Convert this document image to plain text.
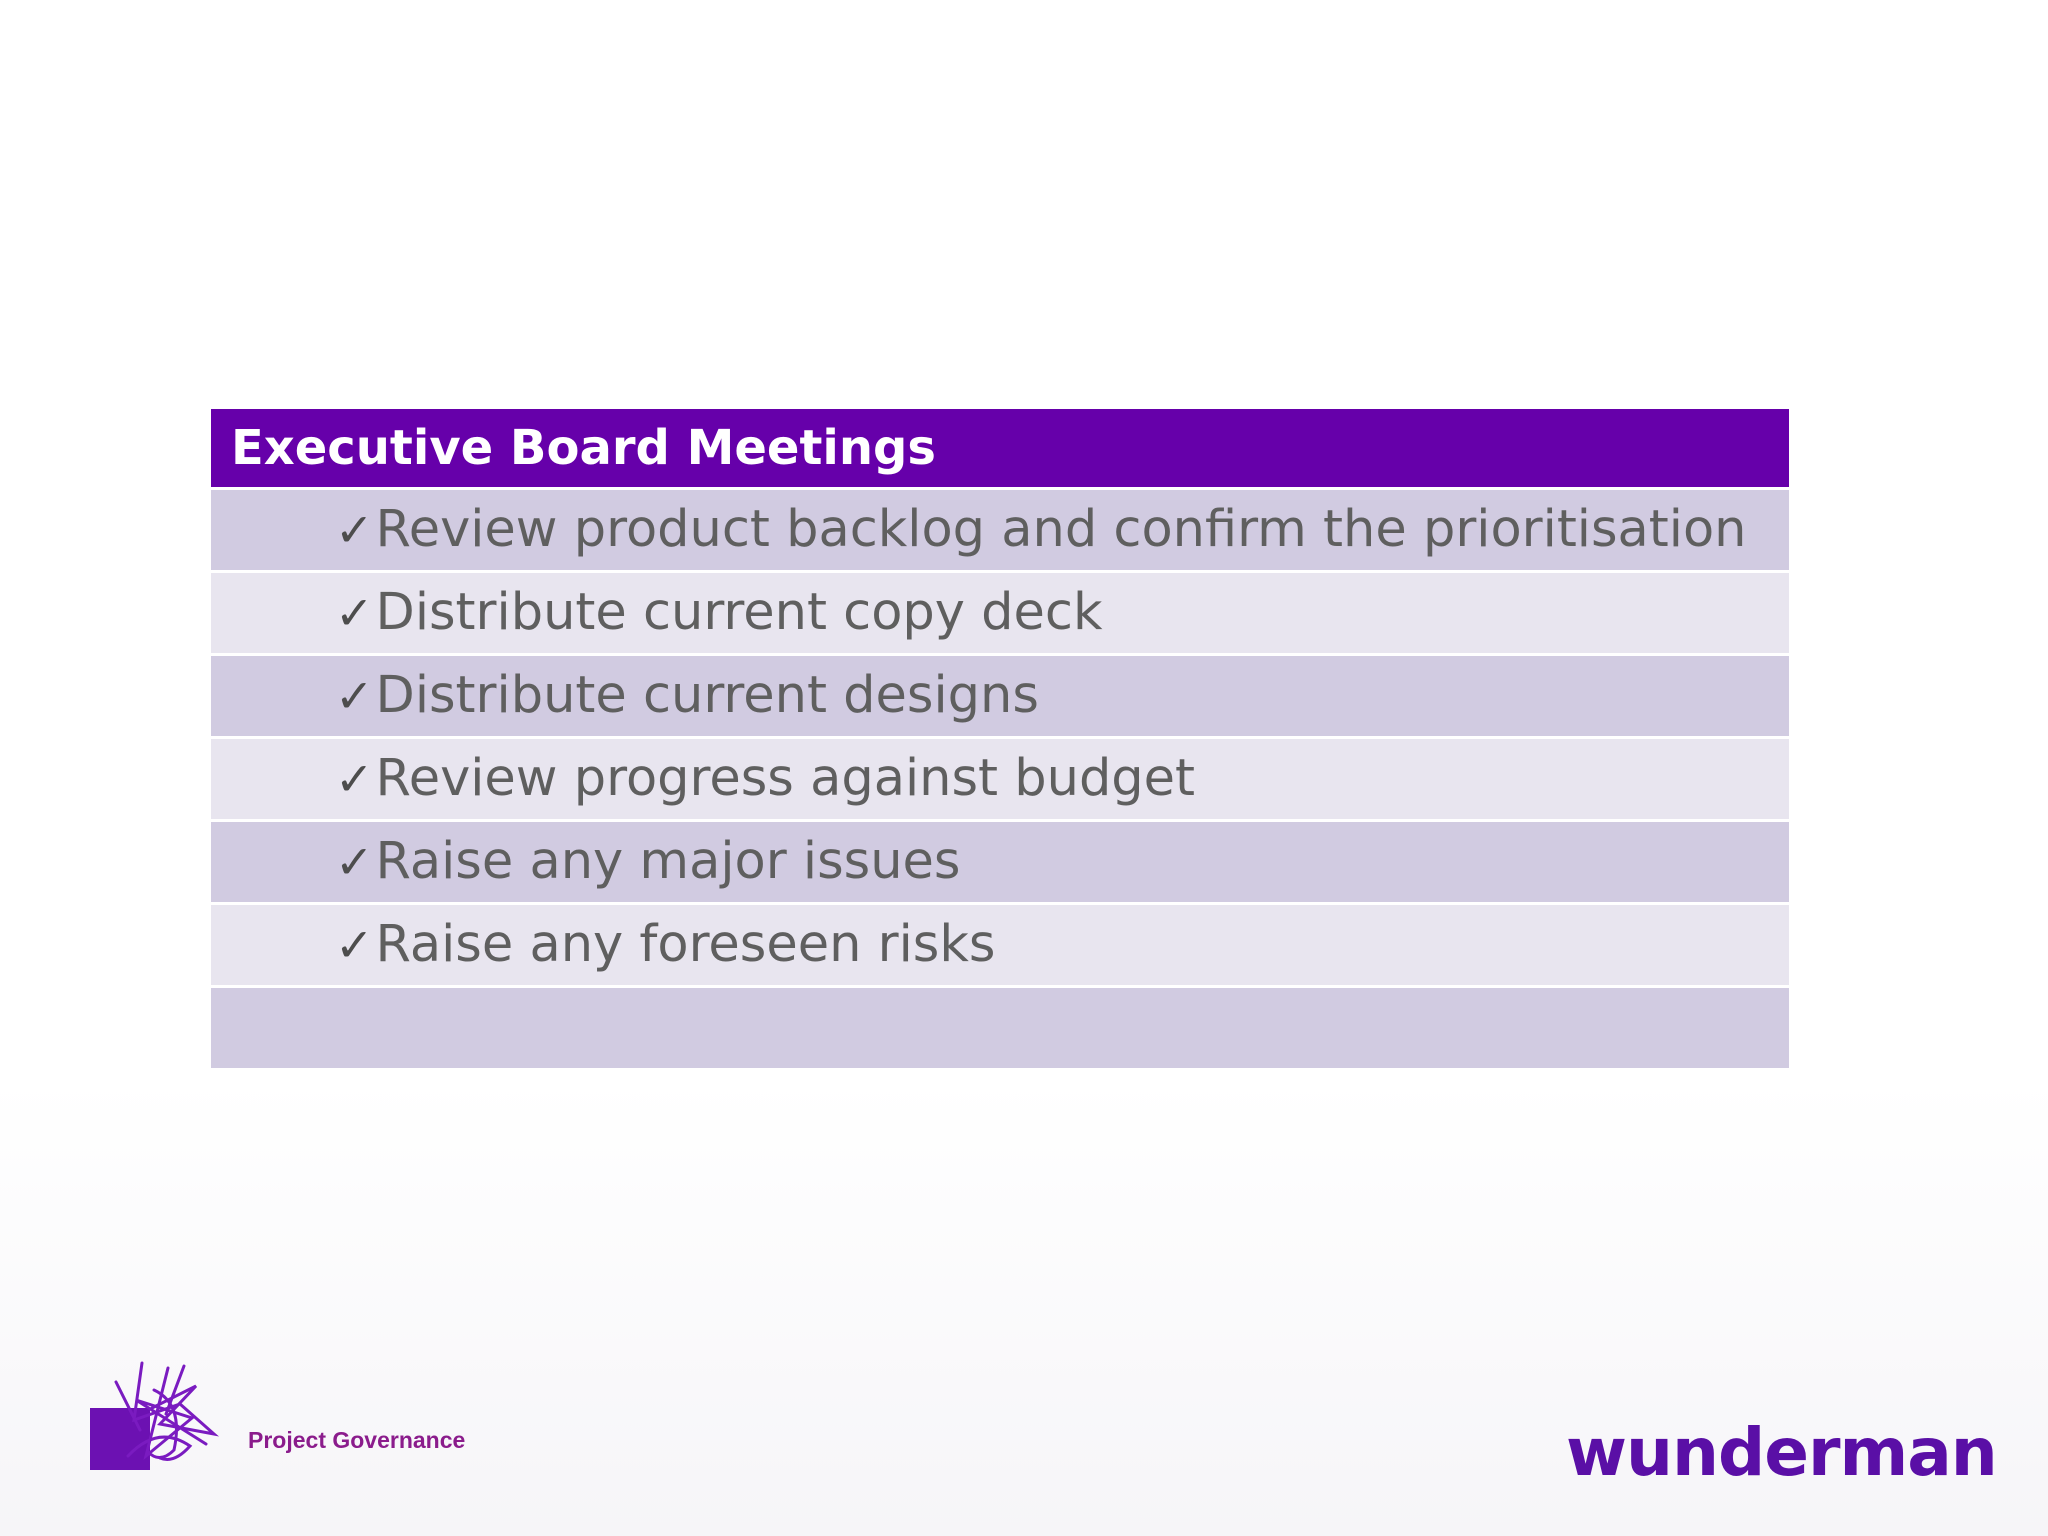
Executive Board Meetings
✓Review product backlog and confirm the prioritisation
✓Distribute current copy deck
✓Distribute current designs
✓Review progress against budget
✓Raise any major issues
✓Raise any foreseen risks
Project Governance	wunderman
